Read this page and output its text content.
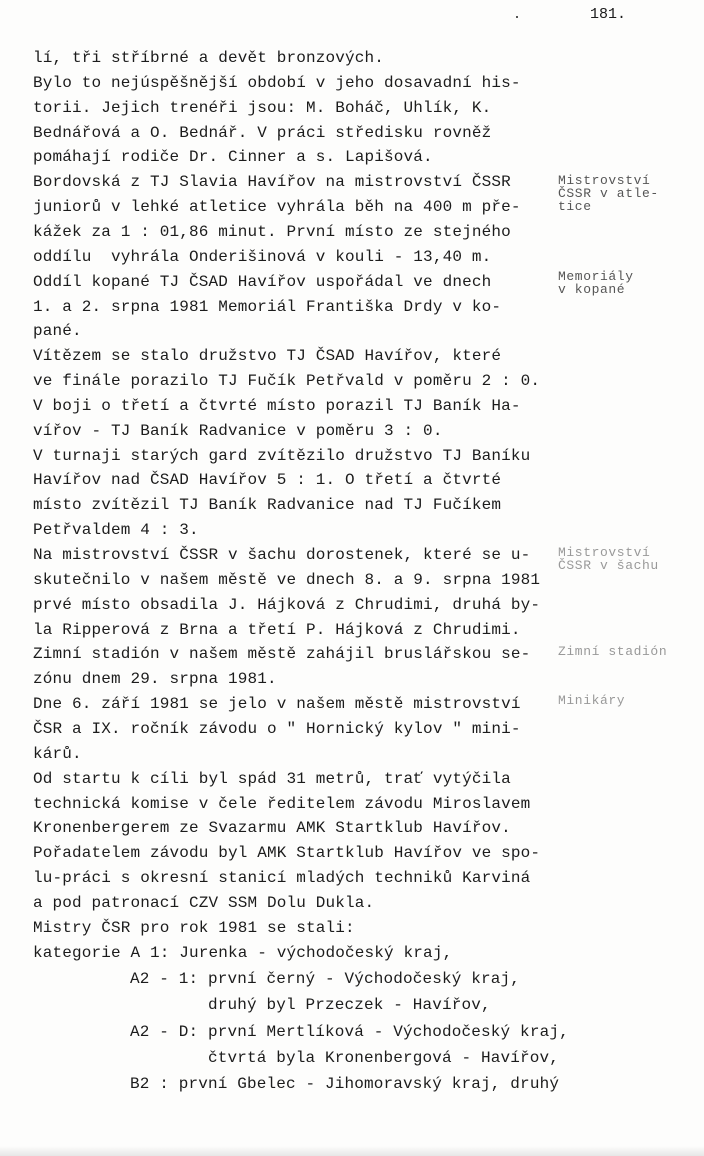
181.
lí, tři stříbrné a devět bronzových.
Bylo to nejúspěšnější období v jeho dosavadní his-
torii. Jejich trenéři jsou: M. Boháč, Uhlík, K.
Bednářová a O. Bednář. V práci středisku rovněž
pomáhají rodiče Dr. Cinner a s. Lapišová.
Bordovská z TJ Slavia Havířov na mistrovství ČSSR
juniorů v lehké atletice vyhrála běh na 400 m pře-
kážek za 1 : 01,86 minut. První místo ze stejného
oddílu  vyhrála Onderišinová v kouli - 13,40 m.
Oddíl kopané TJ ČSAD Havířov uspořádal ve dnech
1. a 2. srpna 1981 Memoriál Františka Drdy v ko-
pané.
Vítězem se stalo družstvo TJ ČSAD Havířov, které
ve finále porazilo TJ Fučík Petřvald v poměru 2 : 0.
V boji o třetí a čtvrté místo porazil TJ Baník Ha-
vířov - TJ Baník Radvanice v poměru 3 : 0.
V turnaji starých gard zvítězilo družstvo TJ Baníku
Havířov nad ČSAD Havířov 5 : 1. O třetí a čtvrté
místo zvítězil TJ Baník Radvanice nad TJ Fučíkem
Petřvaldem 4 : 3.
Na mistrovství ČSSR v šachu dorostenek, které se u-
skutečnilo v našem městě ve dnech 8. a 9. srpna 1981
prvé místo obsadila J. Hájková z Chrudimi, druhá by-
la Ripperová z Brna a třetí P. Hájková z Chrudimi.
Zimní stadión v našem městě zahájil bruslářskou se-
zónu dnem 29. srpna 1981.
Dne 6. září 1981 se jelo v našem městě mistrovství
ČSR a IX. ročník závodu o " Hornický kylov " mini-
kárů.
Od startu k cíli byl spád 31 metrů, trať vytýčila
technická komise v čele ředitelem závodu Miroslavem
Kronenbergerem ze Svazarmu AMK Startklub Havířov.
Pořadatelem závodu byl AMK Startklub Havířov ve spo-
lu-práci s okresní stanicí mladých techniků Karviná
a pod patronací CZV SSM Dolu Dukla.
Mistry ČSR pro rok 1981 se stali:
kategorie A 1: Jurenka - východočeský kraj,
A2 - 1: první černý - Východočeský kraj,
druhý byl Przeczek - Havířov,
A2 - D: první Mertlíková - Východočeský kraj,
čtvrtá byla Kronenbergová - Havířov,
B2 : první Gbelec - Jihomoravský kraj, druhý
Mistrovství
ČSSR v atle-
tice
Memoriály
v kopané
Mistrovství
ČSSR v šachu
Zimní stadión
Minikáry
